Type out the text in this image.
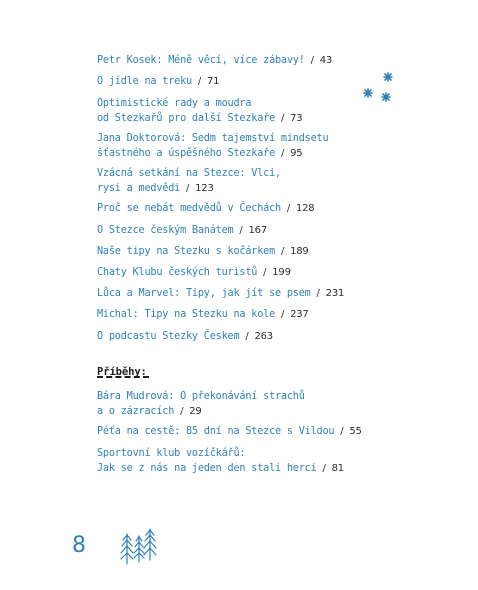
Petr Kosek: Méně věcí, více zábavy! / 43
O jídle na treku / 71
Optimistické rady a moudra
od Stezkařů pro další Stezkaře / 73
Jana Doktorová: Sedm tajemství mindsetu
šťastného a úspěšného Stezkaře / 95
Vzácná setkání na Stezce: Vlci,
rysi a medvědi / 123
Proč se nebát medvědů v Čechách / 128
O Stezce českým Banátem / 167
Naše tipy na Stezku s kočárkem / 189
Chaty Klubu českých turistů / 199
Lůca a Marvel: Tipy, jak jít se psem / 231
Michal: Tipy na Stezku na kole / 237
O podcastu Stezky Českem / 263
Příběhy:
Bára Mudrová: O překonávání strachů
a o zázracích / 29
Péťa na cestě: 85 dní na Stezce s Vildou / 55
Sportovní klub vozíčkářů:
Jak se z nás na jeden den stali herci / 81
8
